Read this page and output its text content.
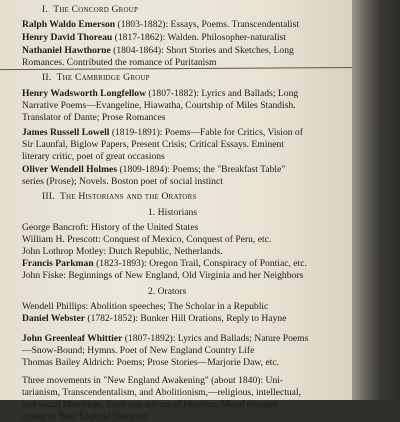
I. The Concord Group
Ralph Waldo Emerson (1803-1882): Essays, Poems. Transcendentalist
Henry David Thoreau (1817-1862): Walden. Philosopher-naturalist
Nathaniel Hawthorne (1804-1864): Short Stories and Sketches, Long
Romances. Contributed the romance of Puritanism
II. The Cambridge Group
Henry Wadsworth Longfellow (1807-1882): Lyrics and Ballads; Long
Narrative Poems—Evangeline, Hiawatha, Courtship of Miles Standish.
Translator of Dante; Prose Romances
James Russell Lowell (1819-1891): Poems—Fable for Critics, Vision of
Sir Launfal, Biglow Papers, Present Crisis; Critical Essays. Eminent
literary critic, poet of great occasions
Oliver Wendell Holmes (1809-1894): Poems; the "Breakfast Table"
series (Prose); Novels. Boston poet of social instinct
III. The Historians and the Orators
1. Historians
George Bancroft: History of the United States
William H. Prescott: Conquest of Mexico, Conquest of Peru, etc.
John Lothrop Motley: Dutch Republic, Netherlands.
Francis Parkman (1823-1893): Oregon Trail, Conspiracy of Pontiac, etc.
John Fiske: Beginnings of New England, Old Virginia and her Neighbors
2. Orators
Wendell Phillips: Abolition speeches; The Scholar in a Republic
Daniel Webster (1782-1852): Bunker Hill Orations, Reply to Hayne
John Greenleaf Whittier (1807-1892): Lyrics and Ballads; Nature Poems
—Snow-Bound; Hymns. Poet of New England Country Life
Thomas Bailey Aldrich: Poems; Prose Stories—Marjorie Daw, etc.
Three movements in "New England Awakening" (about 1840): Uni-
tarianism, Transcendentalism, and Abolitionism,—religious, intellectual,
and social liberalism. Each was a form of Idealism. Moral element
strong in New England literature.
